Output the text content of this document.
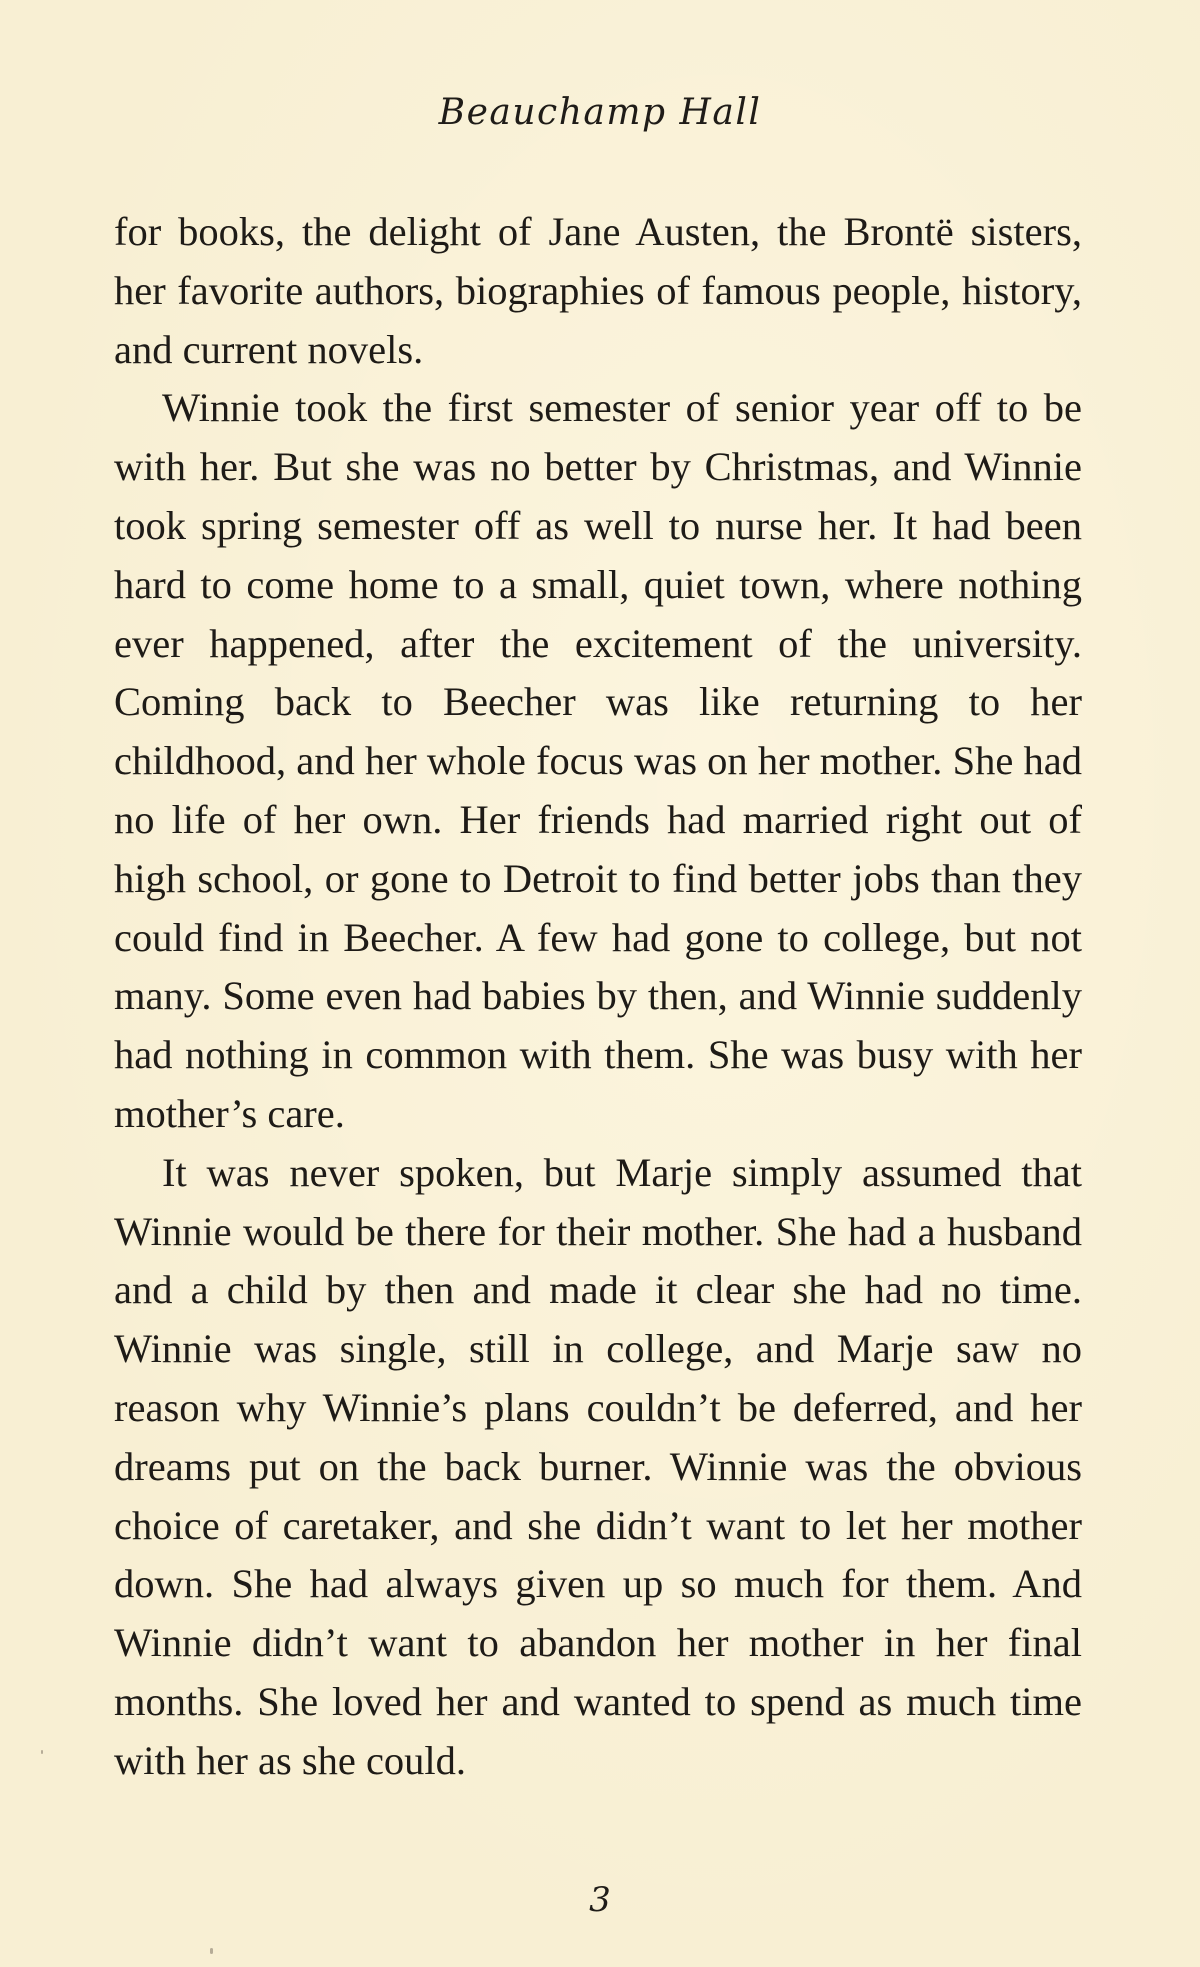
Beauchamp Hall

for books, the delight of Jane Austen, the Brontë sisters, her favorite authors, biographies of famous people, history, and current novels.

Winnie took the first semester of senior year off to be with her. But she was no better by Christmas, and Winnie took spring semester off as well to nurse her. It had been hard to come home to a small, quiet town, where nothing ever happened, after the excitement of the university. Coming back to Beecher was like returning to her childhood, and her whole focus was on her mother. She had no life of her own. Her friends had married right out of high school, or gone to Detroit to find better jobs than they could find in Beecher. A few had gone to college, but not many. Some even had babies by then, and Winnie suddenly had nothing in common with them. She was busy with her mother’s care.

It was never spoken, but Marje simply assumed that Winnie would be there for their mother. She had a husband and a child by then and made it clear she had no time. Winnie was single, still in college, and Marje saw no reason why Winnie’s plans couldn’t be deferred, and her dreams put on the back burner. Winnie was the obvious choice of caretaker, and she didn’t want to let her mother down. She had always given up so much for them. And Winnie didn’t want to abandon her mother in her final months. She loved her and wanted to spend as much time with her as she could.

3
